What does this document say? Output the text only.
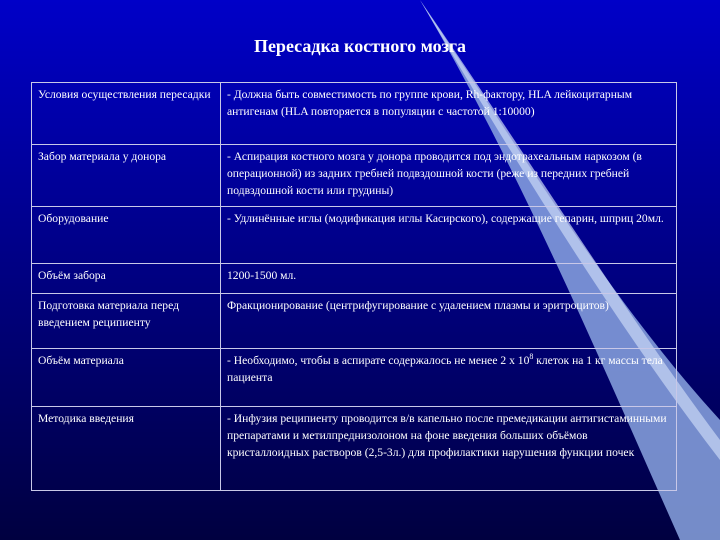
Пересадка костного мозга
Условия осуществления пересадки	- Должна быть совместимость по группе крови, Rh-фактору, HLA лейкоцитарным антигенам (HLA повторяется в популяции с частотой 1:10000)
Забор материала у донора	- Аспирация костного мозга у донора проводится под эндотрахеальным наркозом (в операционной) из задних гребней подвздошной кости (реже из передних гребней подвздошной кости или грудины)
Оборудование	- Удлинённые иглы (модификация иглы Касирского), содержащие гепарин, шприц 20мл.
Объём забора	1200-1500 мл.
Подготовка материала перед введением реципиенту	Фракционирование (центрифугирование с удалением плазмы и эритроцитов)
Объём материала	- Необходимо, чтобы в аспирате содержалось не менее 2 х $10^8$ клеток на 1 кг массы тела пациента
Методика введения	- Инфузия реципиенту проводится в/в капельно после премедикации антигистаминными препаратами и метилпреднизолоном на фоне введения больших объёмов кристаллоидных растворов (2,5-3л.) для профилактики нарушения функции почек
